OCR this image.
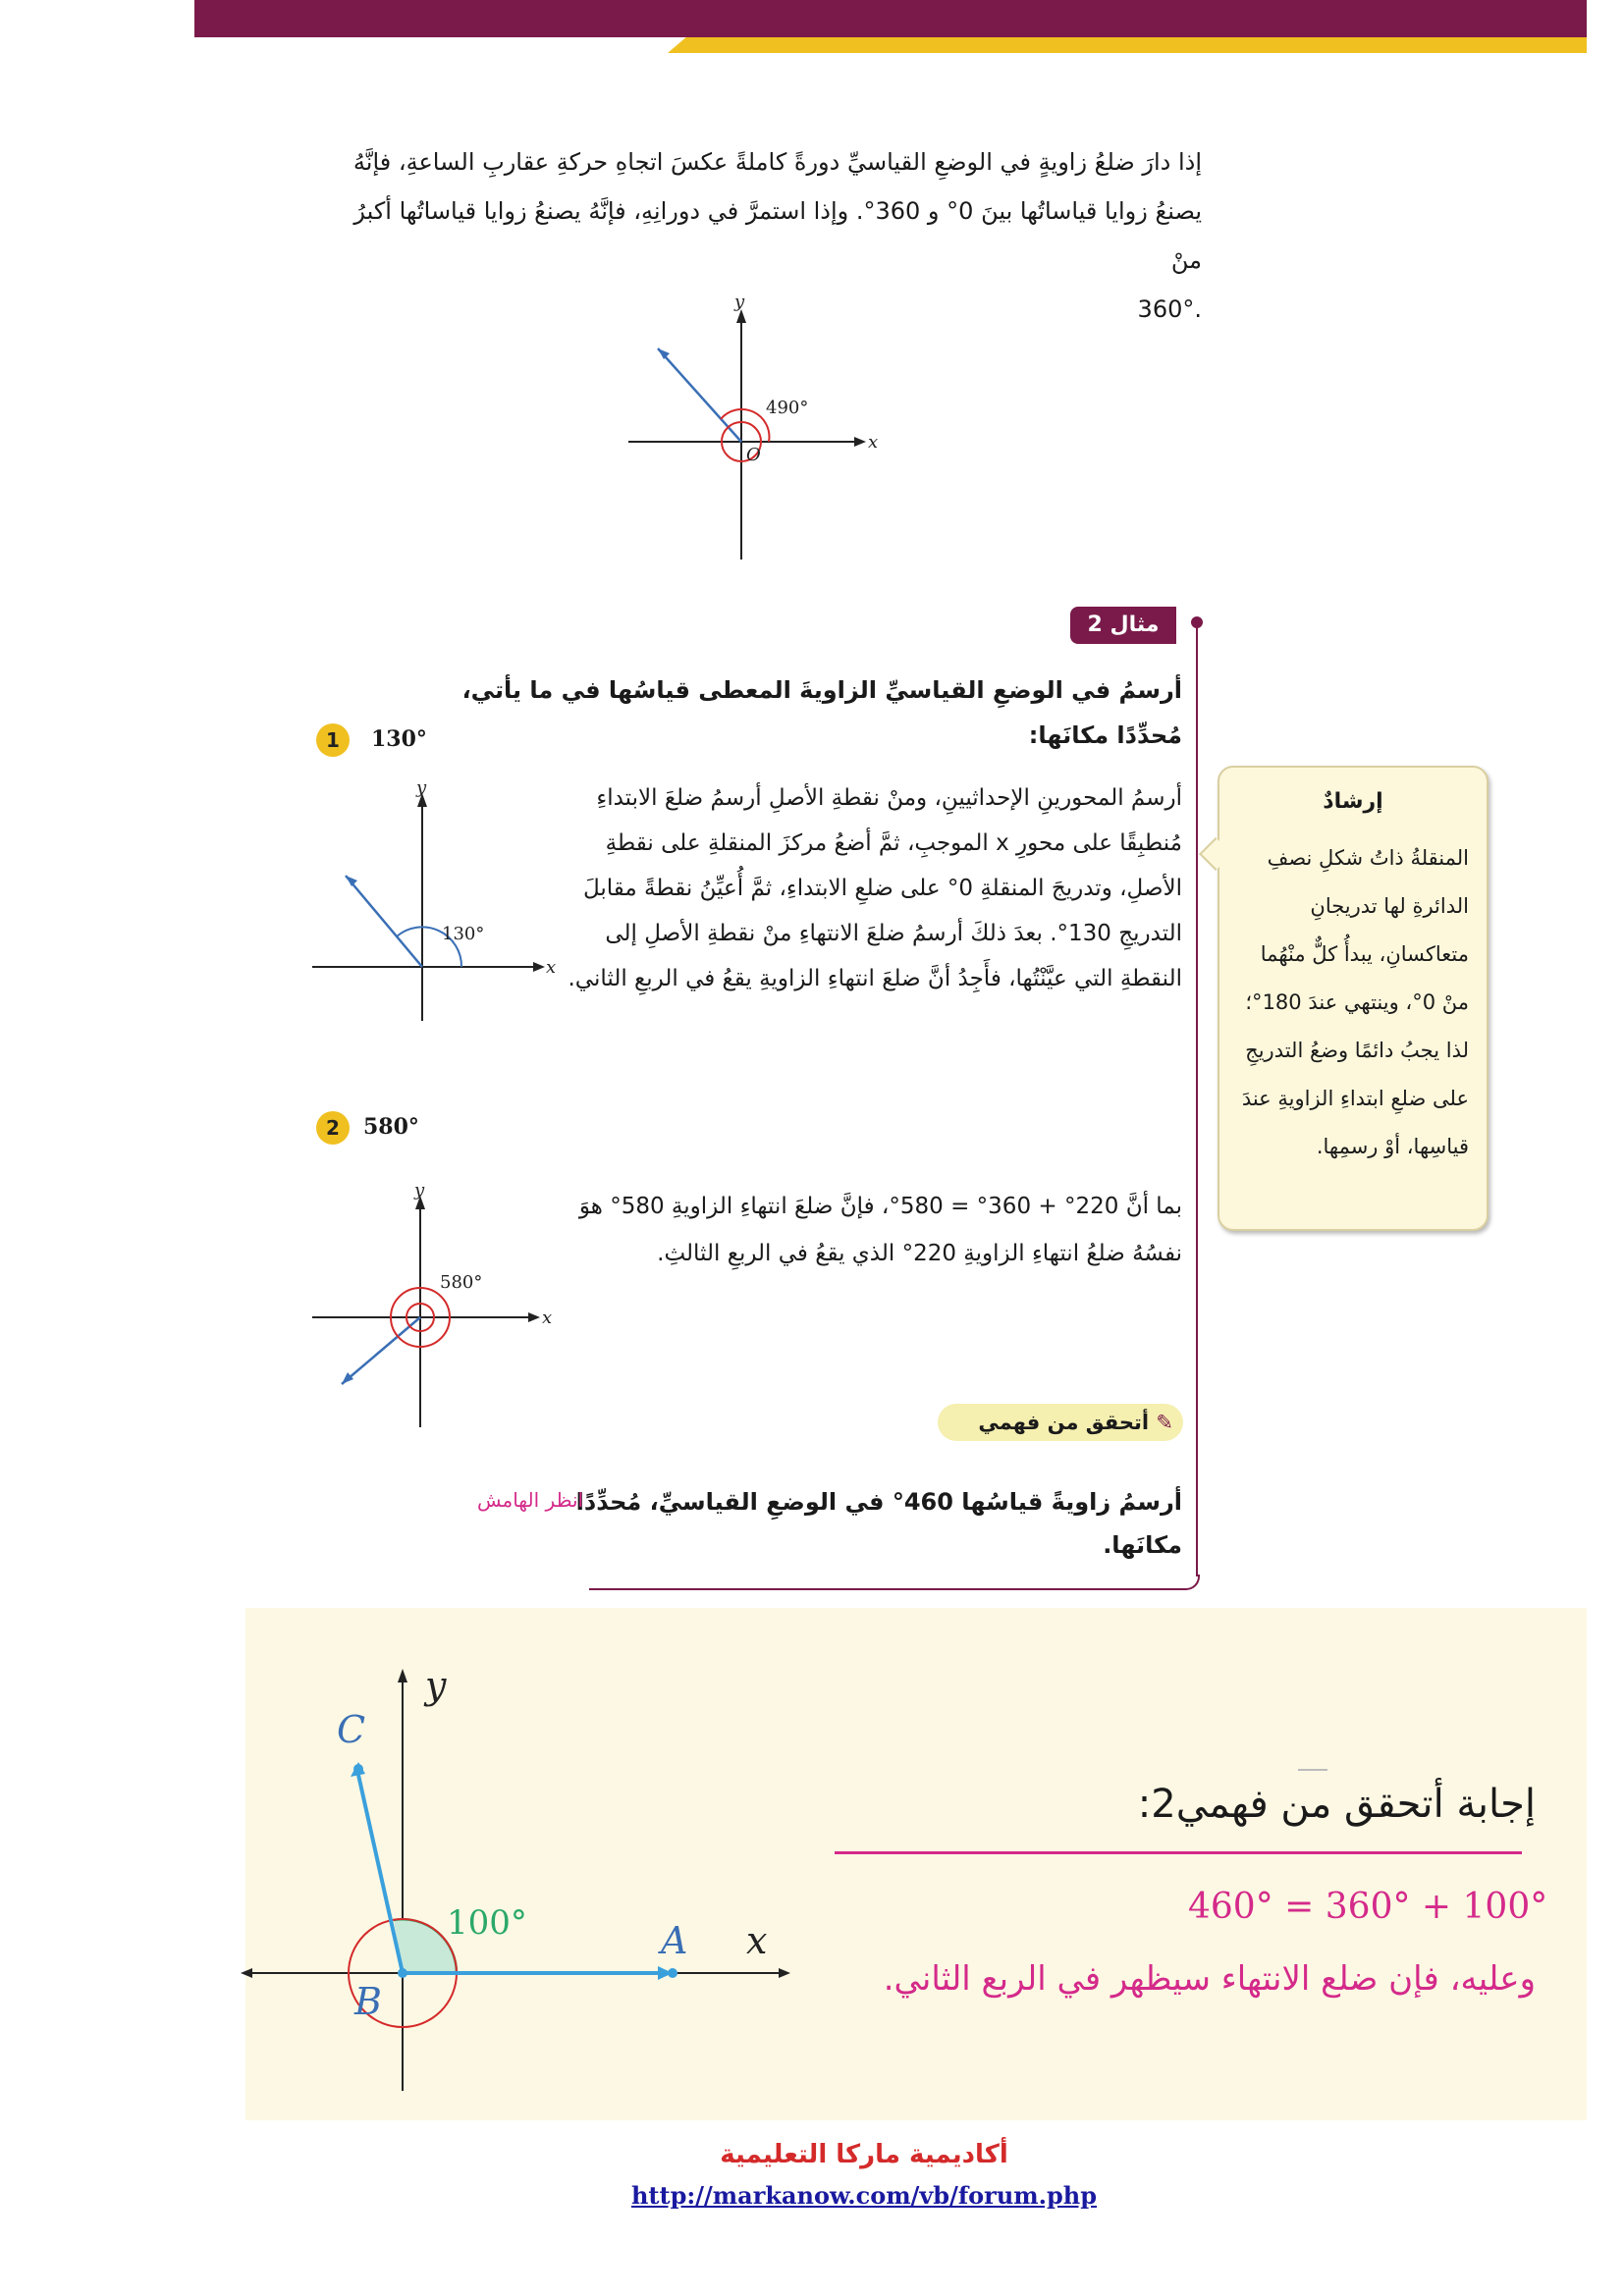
إذا دارَ ضلعُ زاويةٍ في الوضعِ القياسيِّ دورةً كاملةً عكسَ اتجاهِ حركةِ عقاربِ الساعةِ، فإنَّهُ
يصنعُ زوايا قياساتُها بينَ 0° و 360°. وإذا استمرَّ في دورانِهِ، فإنَّهُ يصنعُ زوايا قياساتُها أكبرُ منْ
.360°
490°
x
y
O
مثال 2
أرسمُ في الوضعِ القياسيِّ الزاويةَ المعطى قياسُها في ما يأتي، مُحدِّدًا مكانَها:
1	130°
أرسمُ المحورينِ الإحداثيينِ، ومنْ نقطةِ الأصلِ أرسمُ ضلعَ الابتداءِ مُنطبِقًا على محورِ x الموجبِ، ثمَّ أضعُ مركزَ المنقلةِ على نقطةِ الأصلِ، وتدريجَ المنقلةِ 0° على ضلعِ الابتداءِ، ثمَّ أُعيِّنُ نقطةً مقابلَ التدريجِ 130°. بعدَ ذلكَ أرسمُ ضلعَ الانتهاءِ منْ نقطةِ الأصلِ إلى النقطةِ التي عيَّنْتُها، فأَجِدُ أنَّ ضلعَ انتهاءِ الزاويةِ يقعُ في الربعِ الثاني.
130°
x
y
2	580°
بما أنَّ 220° + 360° = 580°، فإنَّ ضلعَ انتهاءِ الزاويةِ 580° هوَ نفسُهُ ضلعُ انتهاءِ الزاويةِ 220° الذي يقعُ في الربعِ الثالثِ.
580°
x
y
✎ أتحقق من فهمي
أرسمُ زاويةً قياسُها 460° في الوضعِ القياسيِّ، مُحدِّدًا مكانَها.
انظر الهامش
إرشادٌ
المنقلةُ ذاتُ شكلِ نصفِ الدائرةِ لها تدريجانِ متعاكسانِ، يبدأُ كلٌّ منْهُما منْ 0°، وينتهي عندَ 180°؛ لذا يجبُ دائمًا وضعُ التدريجِ على ضلعِ ابتداءِ الزاويةِ عندَ قياسِها، أوْ رسمِها.
100°
C
A
B
x
y
إجابة أتحقق من فهمي2:
460° = 360° + 100°
وعليه، فإن ضلع الانتهاء سيظهر في الربع الثاني.
أكاديمية ماركا التعليمية
http://markanow.com/vb/forum.php
